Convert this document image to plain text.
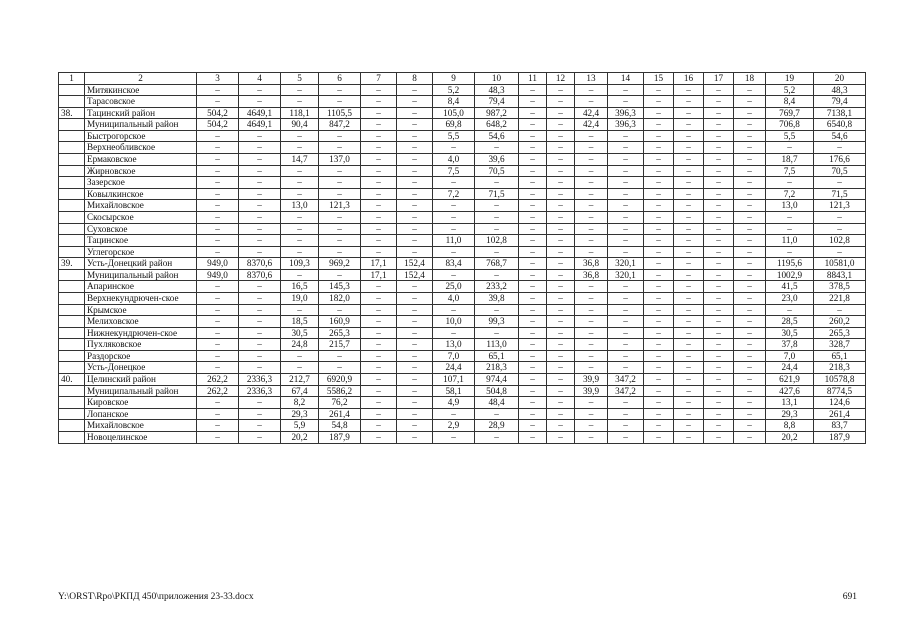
1	2	3	4	5	6	7	8	9	10	11	12	13	14	15	16	17	18	19	20
	Митякинское	–	–	–	–	–	–	5,2	48,3	–	–	–	–	–	–	–	–	5,2	48,3
	Тарасовское	–	–	–	–	–	–	8,4	79,4	–	–	–	–	–	–	–	–	8,4	79,4
38.	Тацинский район	504,2	4649,1	118,1	1105,5	–	–	105,0	987,2	–	–	42,4	396,3	–	–	–	–	769,7	7138,1
	Муниципальный район	504,2	4649,1	90,4	847,2	–	–	69,8	648,2	–	–	42,4	396,3	–	–	–	–	706,8	6540,8
	Быстрогорское	–	–	–	–	–	–	5,5	54,6	–	–	–	–	–	–	–	–	5,5	54,6
	Верхнеобливское	–	–	–	–	–	–	–	–	–	–	–	–	–	–	–	–	–	–
	Ермаковское	–	–	14,7	137,0	–	–	4,0	39,6	–	–	–	–	–	–	–	–	18,7	176,6
	Жирновское	–	–	–	–	–	–	7,5	70,5	–	–	–	–	–	–	–	–	7,5	70,5
	Зазерское	–	–	–	–	–	–	–	–	–	–	–	–	–	–	–	–	–	–
	Ковылкинское	–	–	–	–	–	–	7,2	71,5	–	–	–	–	–	–	–	–	7,2	71,5
	Михайловское	–	–	13,0	121,3	–	–	–	–	–	–	–	–	–	–	–	–	13,0	121,3
	Скосырское	–	–	–	–	–	–	–	–	–	–	–	–	–	–	–	–	–	–
	Суховское	–	–	–	–	–	–	–	–	–	–	–	–	–	–	–	–	–	–
	Тацинское	–	–	–	–	–	–	11,0	102,8	–	–	–	–	–	–	–	–	11,0	102,8
	Углегорское	–	–	–	–	–	–	–	–	–	–	–	–	–	–	–	–	–	–
39.	Усть-Донецкий район	949,0	8370,6	109,3	969,2	17,1	152,4	83,4	768,7	–	–	36,8	320,1	–	–	–	–	1195,6	10581,0
	Муниципальный район	949,0	8370,6	–	–	17,1	152,4	–	–	–	–	36,8	320,1	–	–	–	–	1002,9	8843,1
	Апаринское	–	–	16,5	145,3	–	–	25,0	233,2	–	–	–	–	–	–	–	–	41,5	378,5
	Верхнекундрючен-ское	–	–	19,0	182,0	–	–	4,0	39,8	–	–	–	–	–	–	–	–	23,0	221,8
	Крымское	–	–	–	–	–	–	–	–	–	–	–	–	–	–	–	–	–	–
	Мелиховское	–	–	18,5	160,9	–	–	10,0	99,3	–	–	–	–	–	–	–	–	28,5	260,2
	Нижнекундрючен-ское	–	–	30,5	265,3	–	–	–	–	–	–	–	–	–	–	–	–	30,5	265,3
	Пухляковское	–	–	24,8	215,7	–	–	13,0	113,0	–	–	–	–	–	–	–	–	37,8	328,7
	Раздорское	–	–	–	–	–	–	7,0	65,1	–	–	–	–	–	–	–	–	7,0	65,1
	Усть-Донецкое	–	–	–	–	–	–	24,4	218,3	–	–	–	–	–	–	–	–	24,4	218,3
40.	Целинский район	262,2	2336,3	212,7	6920,9	–	–	107,1	974,4	–	–	39,9	347,2	–	–	–	–	621,9	10578,8
	Муниципальный район	262,2	2336,3	67,4	5586,2	–	–	58,1	504,8	–	–	39,9	347,2	–	–	–	–	427,6	8774,5
	Кировское	–	–	8,2	76,2	–	–	4,9	48,4	–	–	–	–	–	–	–	–	13,1	124,6
	Лопанское	–	–	29,3	261,4	–	–	–	–	–	–	–	–	–	–	–	–	29,3	261,4
	Михайловское	–	–	5,9	54,8	–	–	2,9	28,9	–	–	–	–	–	–	–	–	8,8	83,7
	Новоцелинское	–	–	20,2	187,9	–	–	–	–	–	–	–	–	–	–	–	–	20,2	187,9
Y:\ORST\Rpo\РКПД 450\приложения 23-33.docx	691
